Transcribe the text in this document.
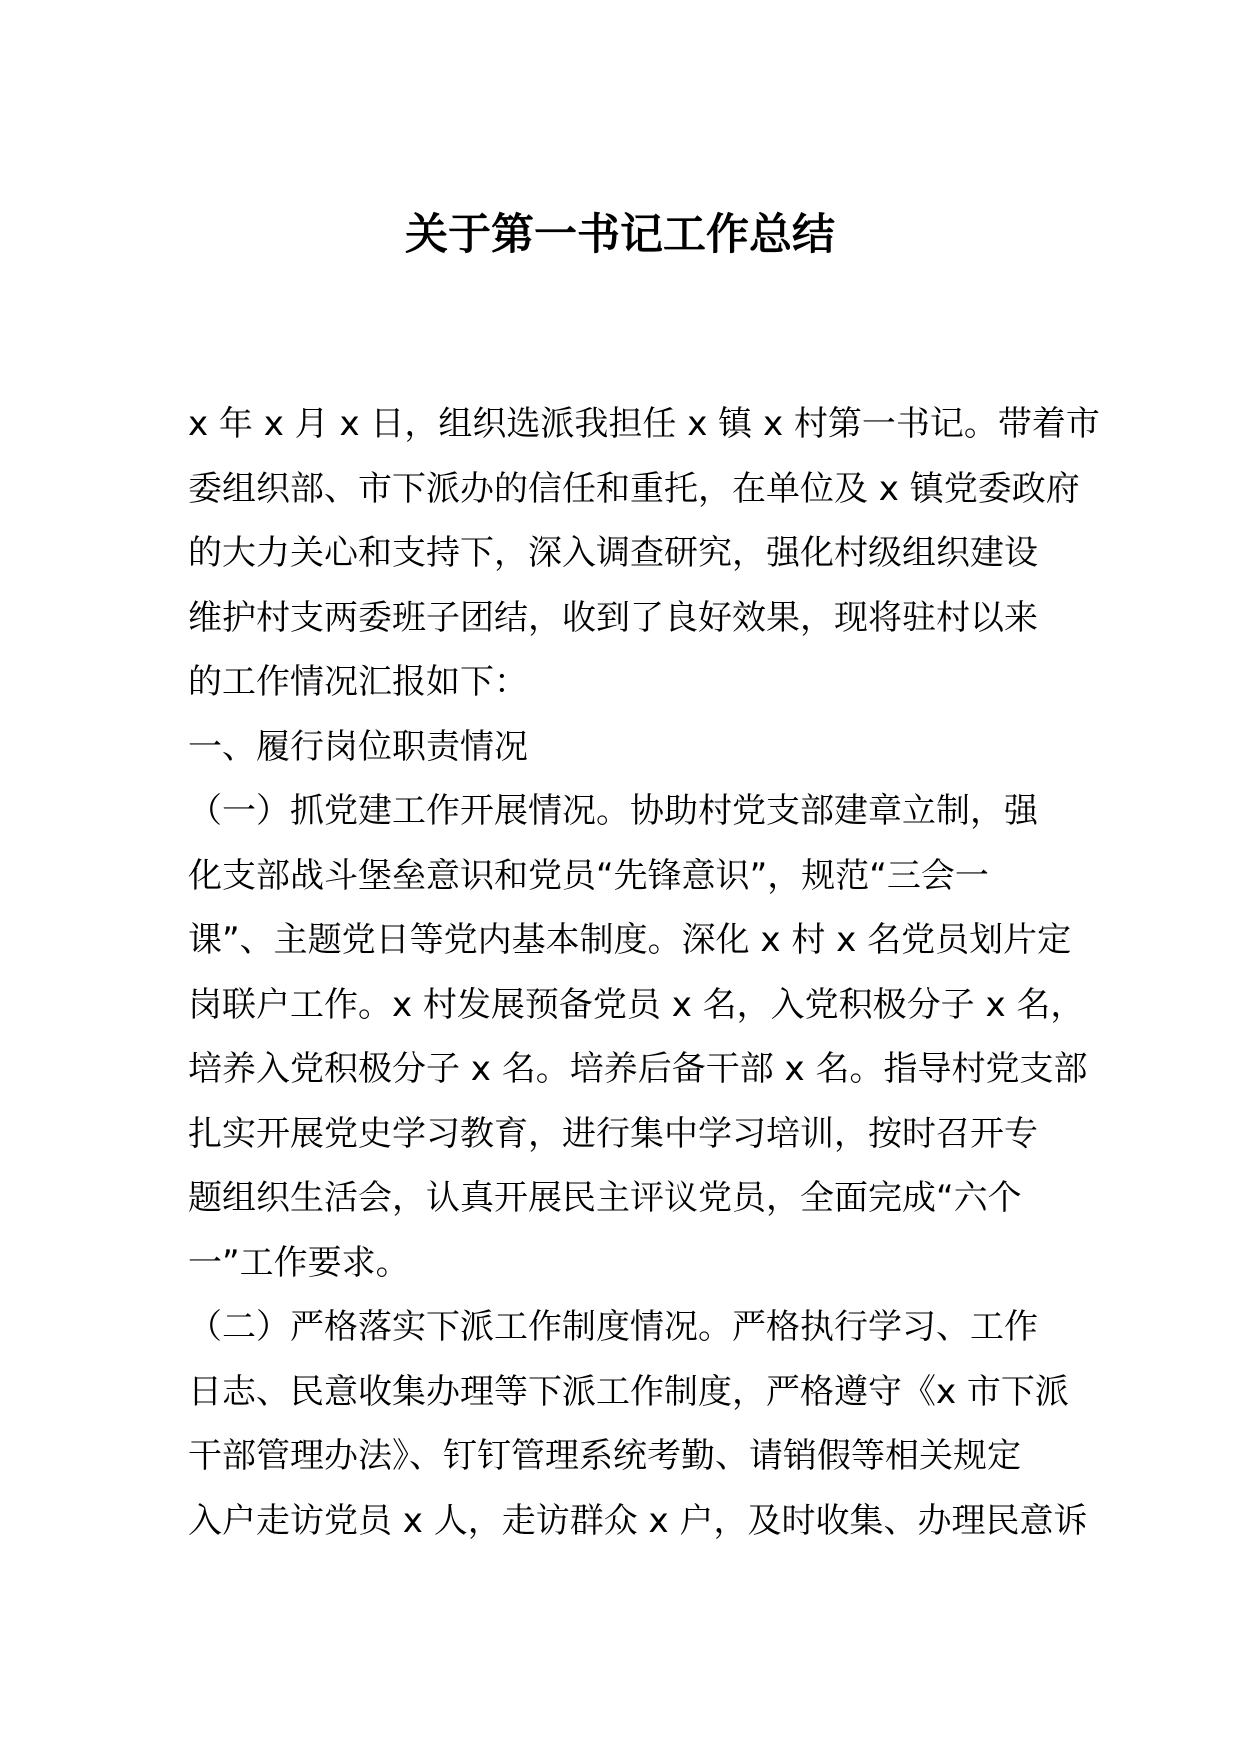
关于第一书记工作总结

x 年 x 月 x 日，组织选派我担任 x 镇 x 村第一书记。带着市

委组织部、市下派办的信任和重托，在单位及 x 镇党委政府

的大力关心和支持下，深入调查研究，强化村级组织建设

维护村支两委班子团结，收到了良好效果，现将驻村以来

的工作情况汇报如下：

一、履行岗位职责情况

（一）抓党建工作开展情况。协助村党支部建章立制，强

化支部战斗堡垒意识和党员“先锋意识”，规范“三会一

课”、主题党日等党内基本制度。深化 x 村 x 名党员划片定

岗联户工作。x 村发展预备党员 x 名，入党积极分子 x 名，

培养入党积极分子 x 名。培养后备干部 x 名。指导村党支部

扎实开展党史学习教育，进行集中学习培训，按时召开专

题组织生活会，认真开展民主评议党员，全面完成“六个

一”工作要求。

（二）严格落实下派工作制度情况。严格执行学习、工作

日志、民意收集办理等下派工作制度，严格遵守《x 市下派

干部管理办法》、钉钉管理系统考勤、请销假等相关规定

入户走访党员 x 人，走访群众 x 户，及时收集、办理民意诉
